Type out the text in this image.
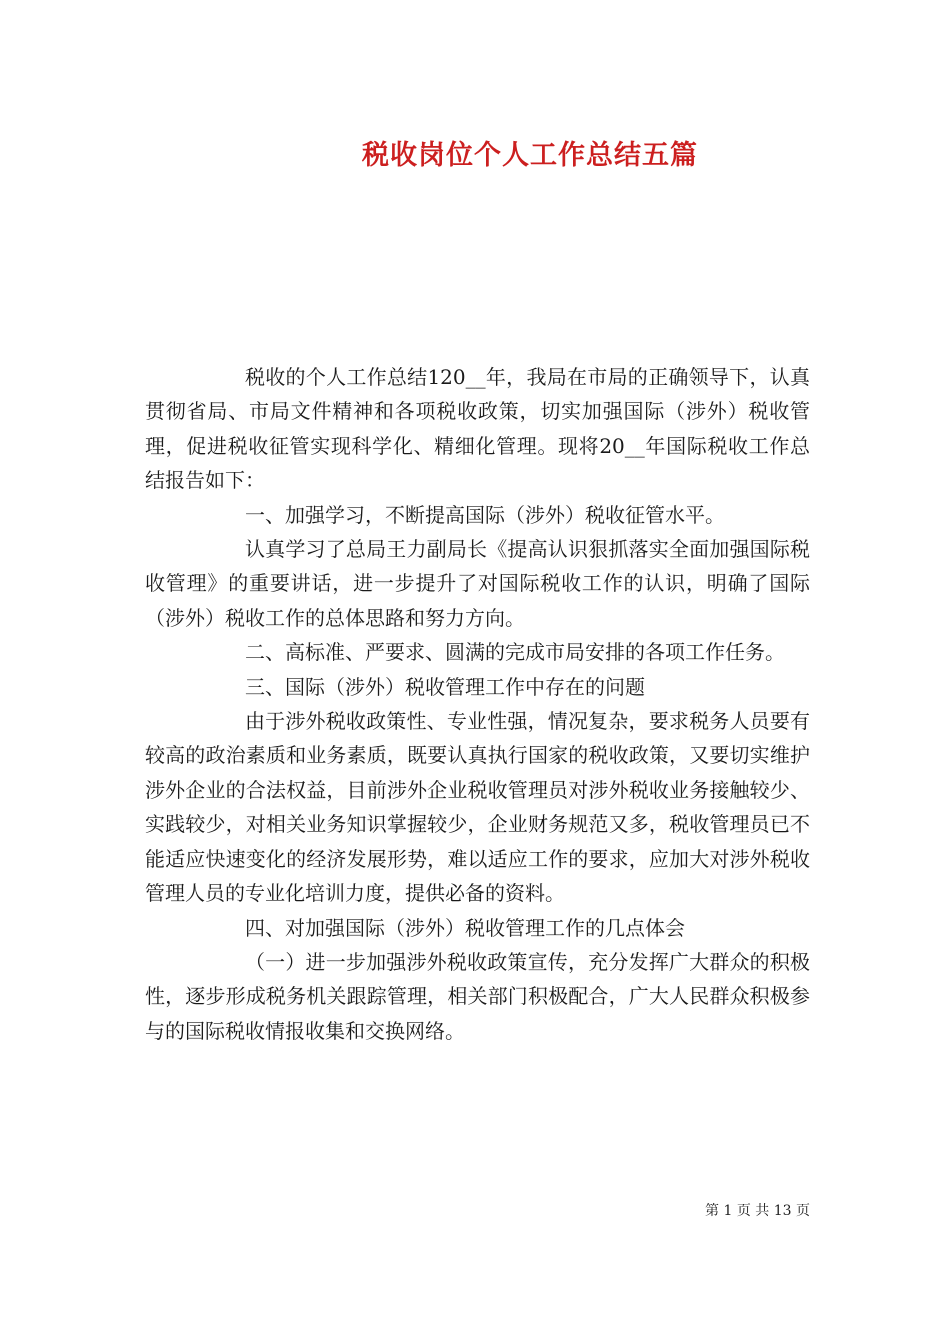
税收岗位个人工作总结五篇

税收的个人工作总结120__年，我局在市局的正确领导下，认真贯彻省局、市局文件精神和各项税收政策，切实加强国际（涉外）税收管理，促进税收征管实现科学化、精细化管理。现将20__年国际税收工作总结报告如下：

一、加强学习，不断提高国际（涉外）税收征管水平。

认真学习了总局王力副局长《提高认识狠抓落实全面加强国际税收管理》的重要讲话，进一步提升了对国际税收工作的认识，明确了国际（涉外）税收工作的总体思路和努力方向。

二、高标准、严要求、圆满的完成市局安排的各项工作任务。

三、国际（涉外）税收管理工作中存在的问题

由于涉外税收政策性、专业性强，情况复杂，要求税务人员要有较高的政治素质和业务素质，既要认真执行国家的税收政策，又要切实维护涉外企业的合法权益，目前涉外企业税收管理员对涉外税收业务接触较少、实践较少，对相关业务知识掌握较少，企业财务规范又多，税收管理员已不能适应快速变化的经济发展形势，难以适应工作的要求，应加大对涉外税收管理人员的专业化培训力度，提供必备的资料。

四、对加强国际（涉外）税收管理工作的几点体会

（一）进一步加强涉外税收政策宣传，充分发挥广大群众的积极性，逐步形成税务机关跟踪管理，相关部门积极配合，广大人民群众积极参与的国际税收情报收集和交换网络。

第 1 页 共 13 页
